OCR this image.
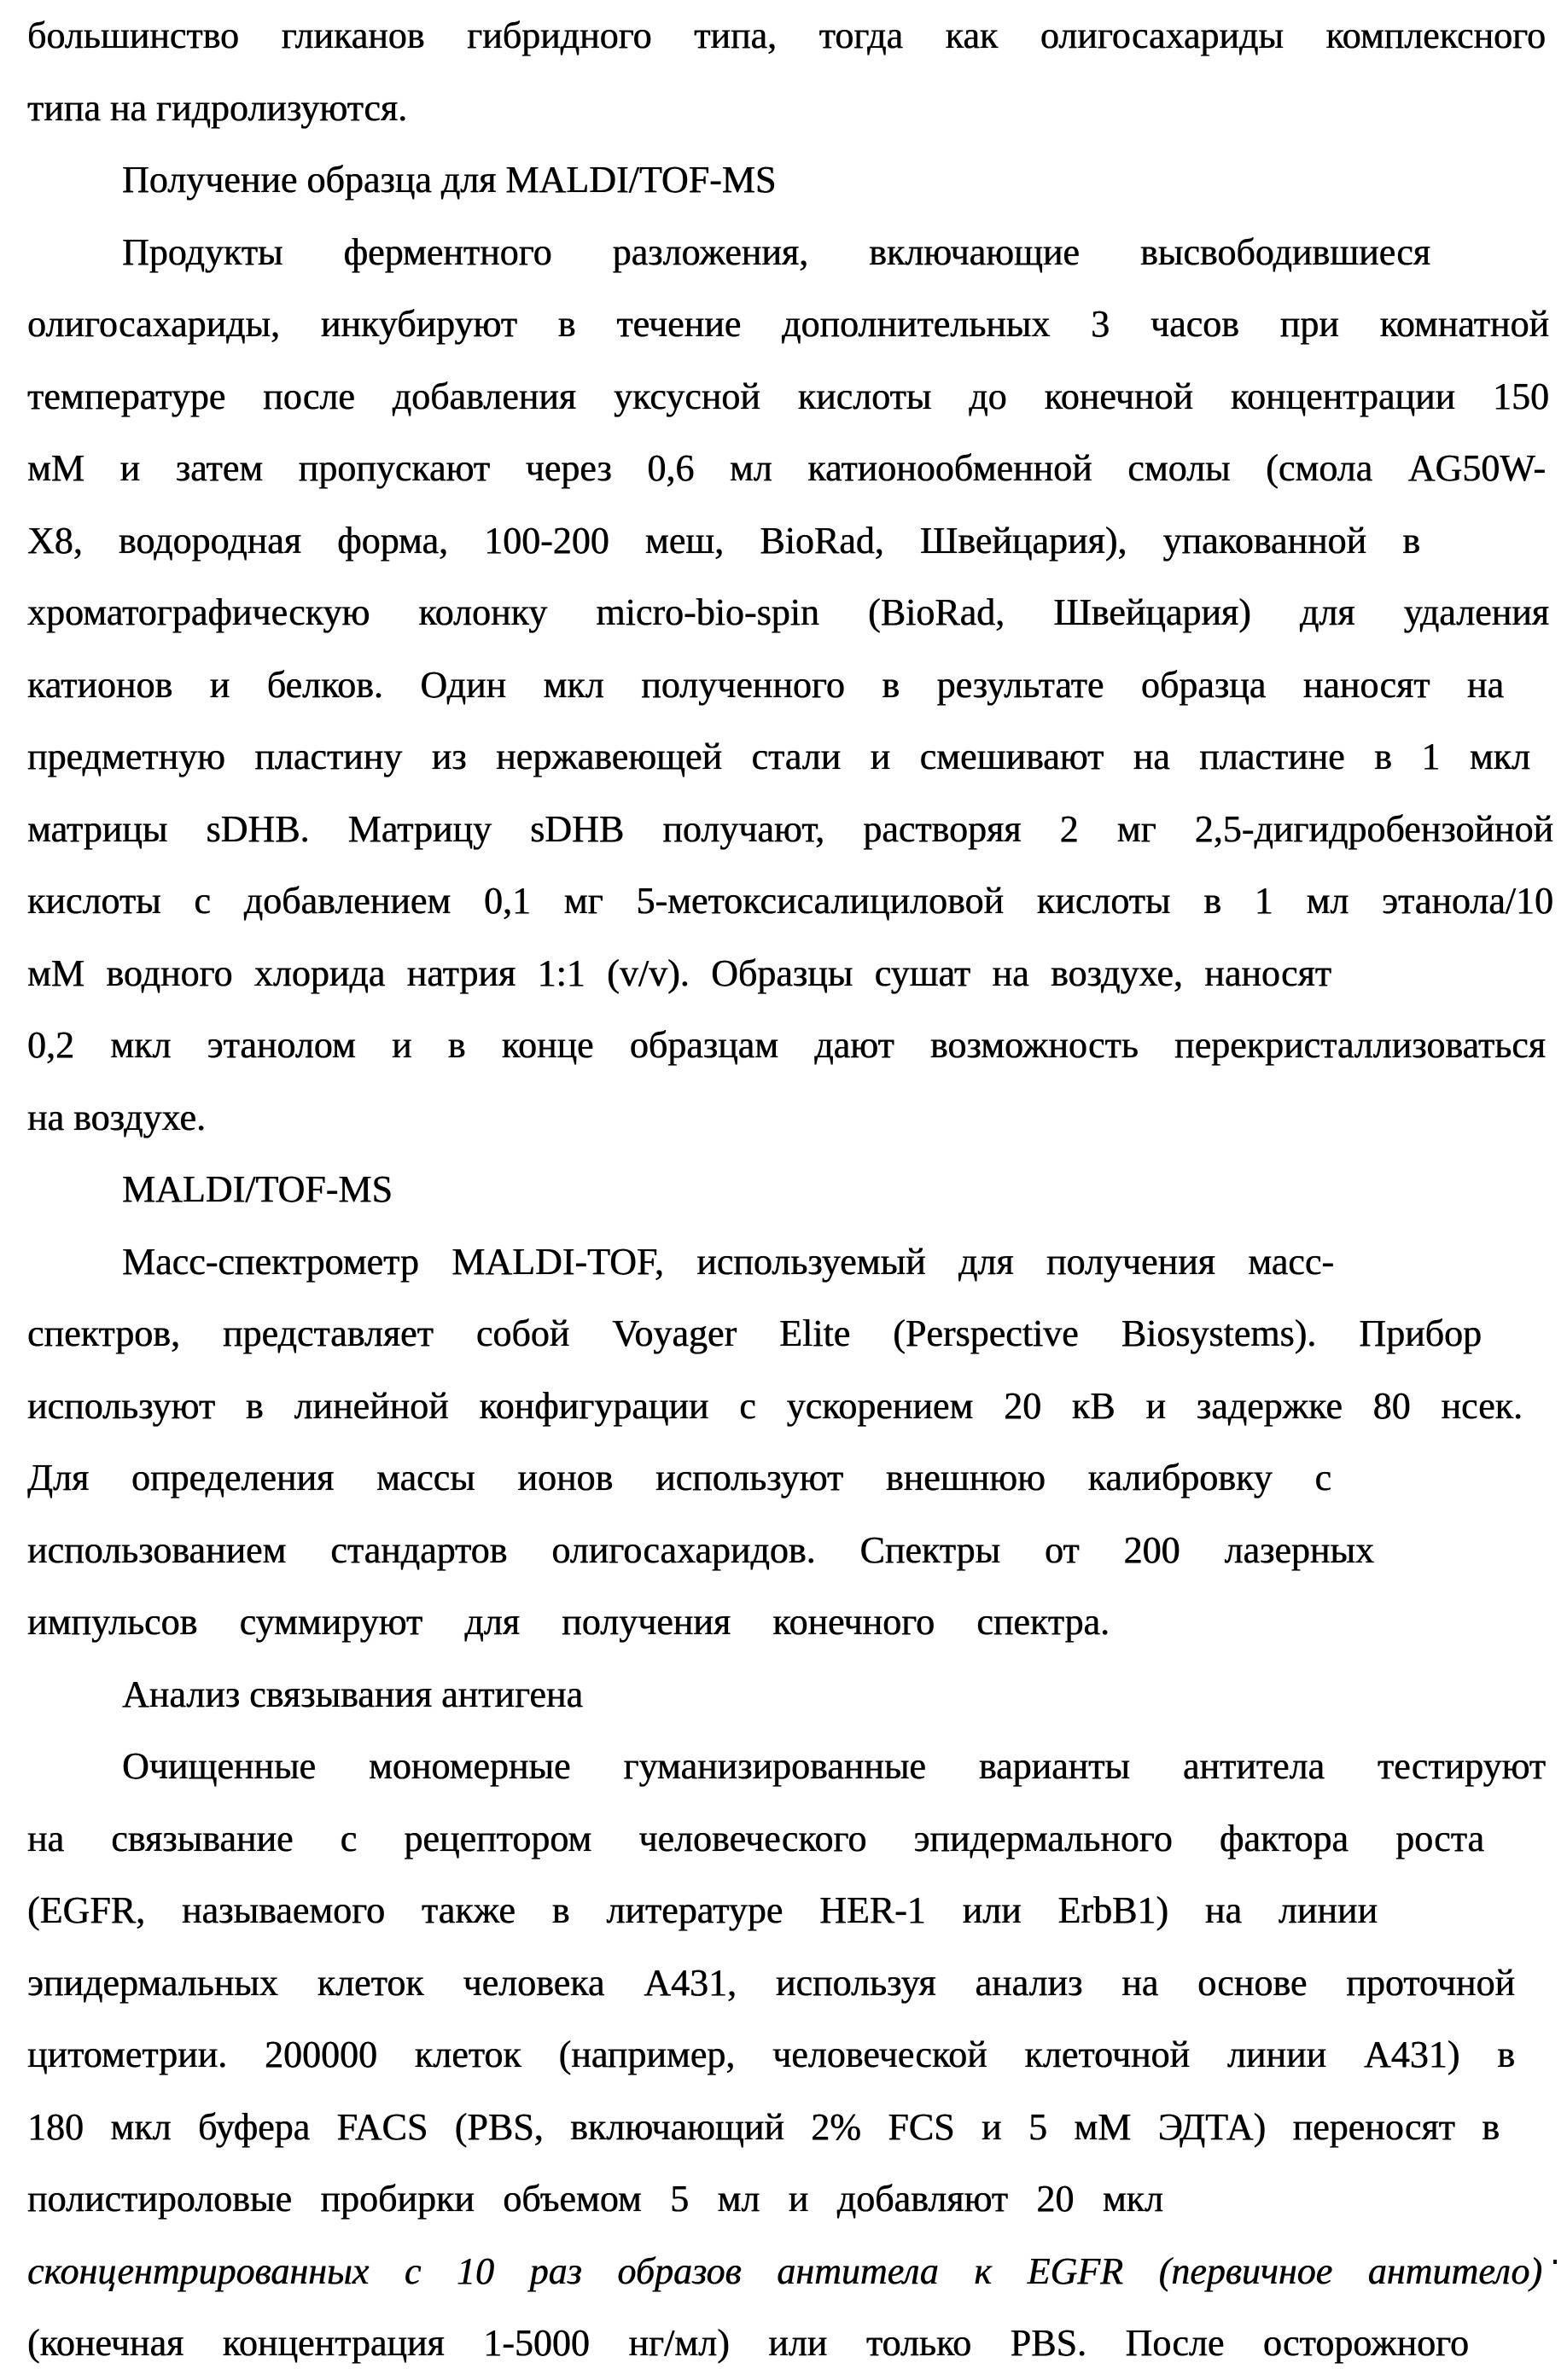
большинство гликанов гибридного типа, тогда как олигосахариды комплексного
типа на гидролизуются.
Получение образца для MALDI/TOF-MS
Продукты ферментного разложения, включающие высвободившиеся
олигосахариды, инкубируют в течение дополнительных 3 часов при комнатной
температуре после добавления уксусной кислоты до конечной концентрации 150
мМ и затем пропускают через 0,6 мл катионообменной смолы (смола AG50W-
X8, водородная форма, 100-200 меш, BioRad, Швейцария), упакованной в
хроматографическую колонку micro-bio-spin (BioRad, Швейцария) для удаления
катионов и белков. Один мкл полученного в результате образца наносят на
предметную пластину из нержавеющей стали и смешивают на пластине в 1 мкл
матрицы sDHB. Матрицу sDHB получают, растворяя 2 мг 2,5-дигидробензойной
кислоты с добавлением 0,1 мг 5-метоксисалициловой кислоты в 1 мл этанола/10
мМ водного хлорида натрия 1:1 (v/v). Образцы сушат на воздухе, наносят
0,2 мкл этанолом и в конце образцам дают возможность перекристаллизоваться
на воздухе.
MALDI/TOF-MS
Масс-спектрометр MALDI-TOF, используемый для получения масс-
спектров, представляет собой Voyager Elite (Perspective Biosystems). Прибор
используют в линейной конфигурации с ускорением 20 кВ и задержке 80 нсек.
Для определения массы ионов используют внешнюю калибровку с
использованием стандартов олигосахаридов. Спектры от 200 лазерных
импульсов суммируют для получения конечного спектра.
Анализ связывания антигена
Очищенные мономерные гуманизированные варианты антитела тестируют
на связывание с рецептором человеческого эпидермального фактора роста
(EGFR, называемого также в литературе HER-1 или ErbB1) на линии
эпидермальных клеток человека A431, используя анализ на основе проточной
цитометрии. 200000 клеток (например, человеческой клеточной линии A431) в
180 мкл буфера FACS (PBS, включающий 2% FCS и 5 мМ ЭДТА) переносят в
полистироловые пробирки объемом 5 мл и добавляют 20 мкл
сконцентрированных с 10 раз образов антитела к EGFR (первичное антитело)
(конечная концентрация 1-5000 нг/мл) или только PBS. После осторожного
